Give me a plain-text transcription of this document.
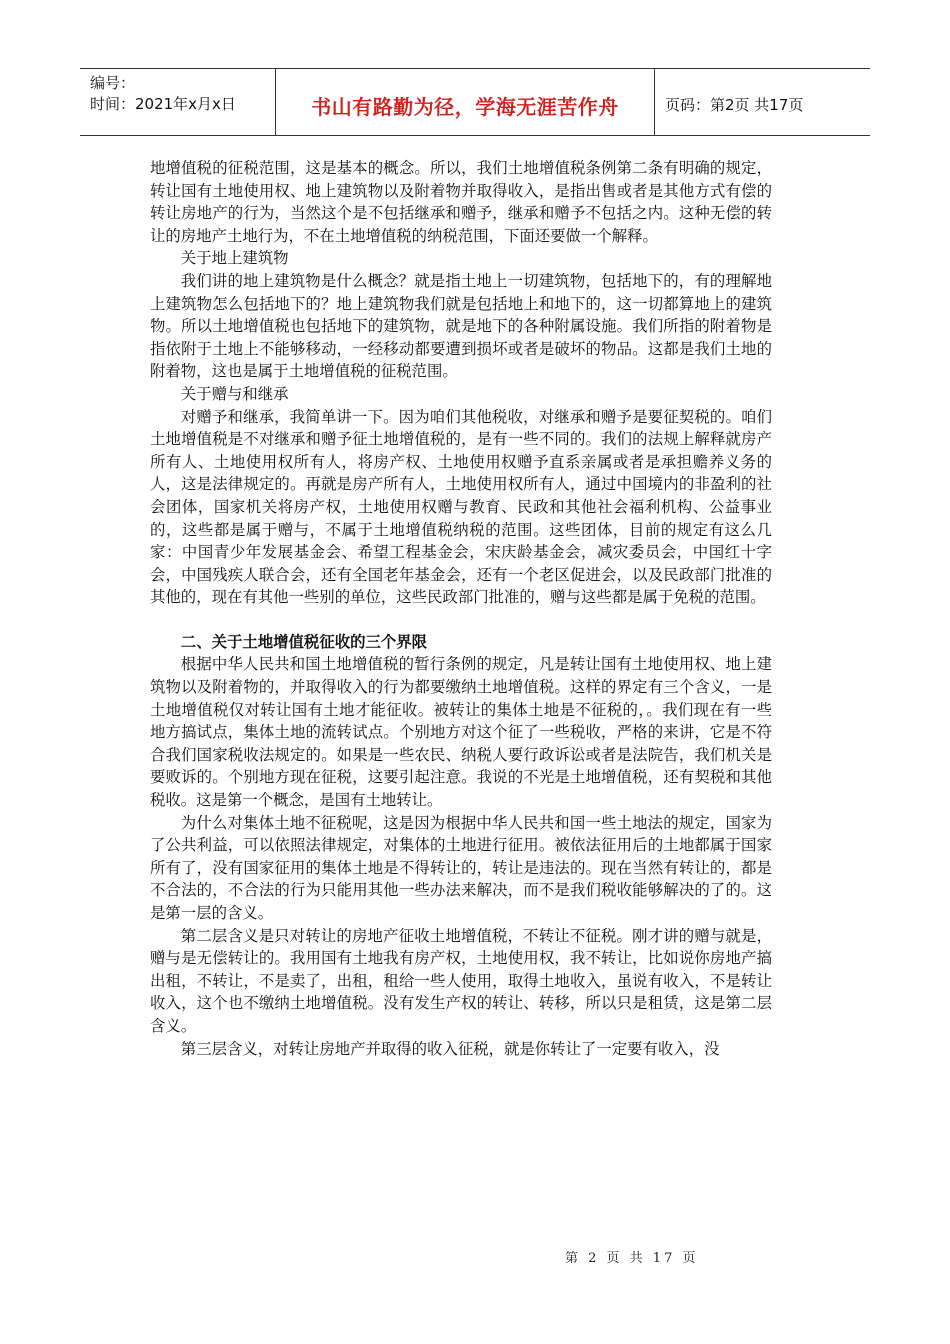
编号：
时间：2021年x月x日	书山有路勤为径，学海无涯苦作舟	页码：第2页 共17页

地增值税的征税范围，这是基本的概念。所以，我们土地增值税条例第二条有明确的规定，转让国有土地使用权、地上建筑物以及附着物并取得收入，是指出售或者是其他方式有偿的转让房地产的行为，当然这个是不包括继承和赠予，继承和赠予不包括之内。这种无偿的转让的房地产土地行为，不在土地增值税的纳税范围，下面还要做一个解释。

关于地上建筑物

我们讲的地上建筑物是什么概念？就是指土地上一切建筑物，包括地下的，有的理解地上建筑物怎么包括地下的？地上建筑物我们就是包括地上和地下的，这一切都算地上的建筑物。所以土地增值税也包括地下的建筑物，就是地下的各种附属设施。我们所指的附着物是指依附于土地上不能够移动，一经移动都要遭到损坏或者是破坏的物品。这都是我们土地的附着物，这也是属于土地增值税的征税范围。

关于赠与和继承

对赠予和继承，我简单讲一下。因为咱们其他税收，对继承和赠予是要征契税的。咱们土地增值税是不对继承和赠予征土地增值税的，是有一些不同的。我们的法规上解释就房产所有人、土地使用权所有人，将房产权、土地使用权赠予直系亲属或者是承担赡养义务的人，这是法律规定的。再就是房产所有人，土地使用权所有人，通过中国境内的非盈利的社会团体，国家机关将房产权，土地使用权赠与教育、民政和其他社会福利机构、公益事业的，这些都是属于赠与，不属于土地增值税纳税的范围。这些团体，目前的规定有这么几家：中国青少年发展基金会、希望工程基金会，宋庆龄基金会，减灾委员会，中国红十字会，中国残疾人联合会，还有全国老年基金会，还有一个老区促进会，以及民政部门批准的其他的，现在有其他一些别的单位，这些民政部门批准的，赠与这些都是属于免税的范围。

二、关于土地增值税征收的三个界限

根据中华人民共和国土地增值税的暂行条例的规定，凡是转让国有土地使用权、地上建筑物以及附着物的，并取得收入的行为都要缴纳土地增值税。这样的界定有三个含义，一是土地增值税仅对转让国有土地才能征收。被转让的集体土地是不征税的，。我们现在有一些地方搞试点，集体土地的流转试点。个别地方对这个征了一些税收，严格的来讲，它是不符合我们国家税收法规定的。如果是一些农民、纳税人要行政诉讼或者是法院告，我们机关是要败诉的。个别地方现在征税，这要引起注意。我说的不光是土地增值税，还有契税和其他税收。这是第一个概念，是国有土地转让。

为什么对集体土地不征税呢，这是因为根据中华人民共和国一些土地法的规定，国家为了公共利益，可以依照法律规定，对集体的土地进行征用。被依法征用后的土地都属于国家所有了，没有国家征用的集体土地是不得转让的，转让是违法的。现在当然有转让的，都是不合法的，不合法的行为只能用其他一些办法来解决，而不是我们税收能够解决的了的。这是第一层的含义。

第二层含义是只对转让的房地产征收土地增值税，不转让不征税。刚才讲的赠与就是，赠与是无偿转让的。我用国有土地我有房产权，土地使用权，我不转让，比如说你房地产搞出租，不转让，不是卖了，出租，租给一些人使用，取得土地收入，虽说有收入，不是转让收入，这个也不缴纳土地增值税。没有发生产权的转让、转移，所以只是租赁，这是第二层含义。

第三层含义，对转让房地产并取得的收入征税，就是你转让了一定要有收入，没

第 2 页 共 17 页
